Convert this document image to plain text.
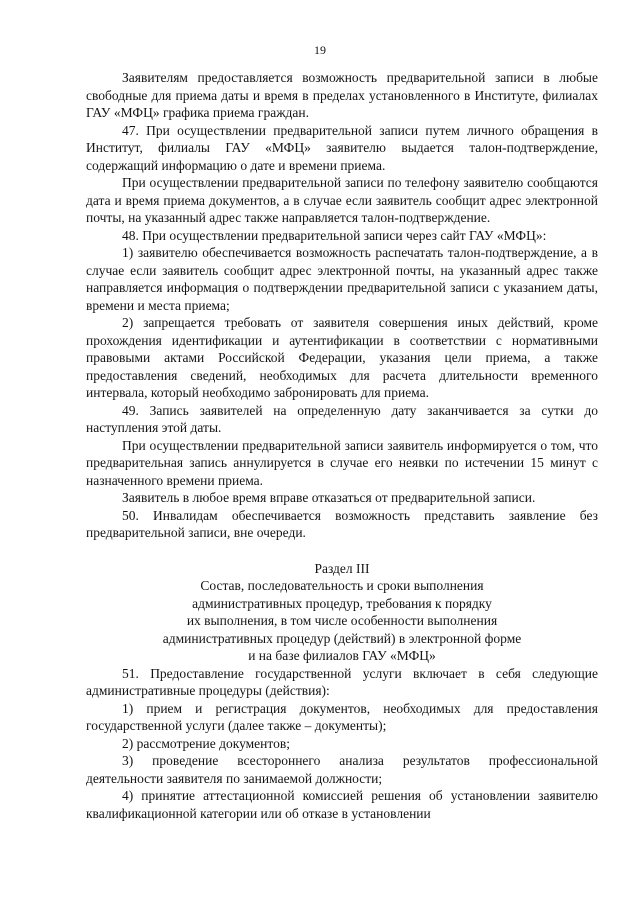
19

Заявителям предоставляется возможность предварительной записи в любые свободные для приема даты и время в пределах установленного в Институте, филиалах ГАУ «МФЦ» графика приема граждан.

47. При осуществлении предварительной записи путем личного обращения в Институт, филиалы ГАУ «МФЦ» заявителю выдается талон-подтверждение, содержащий информацию о дате и времени приема.

При осуществлении предварительной записи по телефону заявителю сообщаются дата и время приема документов, а в случае если заявитель сообщит адрес электронной почты, на указанный адрес также направляется талон-подтверждение.

48. При осуществлении предварительной записи через сайт ГАУ «МФЦ»:

1) заявителю обеспечивается возможность распечатать талон-подтверждение, а в случае если заявитель сообщит адрес электронной почты, на указанный адрес также направляется информация о подтверждении предварительной записи с указанием даты, времени и места приема;

2) запрещается требовать от заявителя совершения иных действий, кроме прохождения идентификации и аутентификации в соответствии с нормативными правовыми актами Российской Федерации, указания цели приема, а также предоставления сведений, необходимых для расчета длительности временного интервала, который необходимо забронировать для приема.

49. Запись заявителей на определенную дату заканчивается за сутки до наступления этой даты.

При осуществлении предварительной записи заявитель информируется о том, что предварительная запись аннулируется в случае его неявки по истечении 15 минут с назначенного времени приема.

Заявитель в любое время вправе отказаться от предварительной записи.

50. Инвалидам обеспечивается возможность представить заявление без предварительной записи, вне очереди.

Раздел III
Состав, последовательность и сроки выполнения
административных процедур, требования к порядку
их выполнения, в том числе особенности выполнения
административных процедур (действий) в электронной форме
и на базе филиалов ГАУ «МФЦ»

51. Предоставление государственной услуги включает в себя следующие административные процедуры (действия):

1) прием и регистрация документов, необходимых для предоставления государственной услуги (далее также – документы);

2) рассмотрение документов;

3) проведение всестороннего анализа результатов профессиональной деятельности заявителя по занимаемой должности;

4) принятие аттестационной комиссией решения об установлении заявителю квалификационной категории или об отказе в установлении
